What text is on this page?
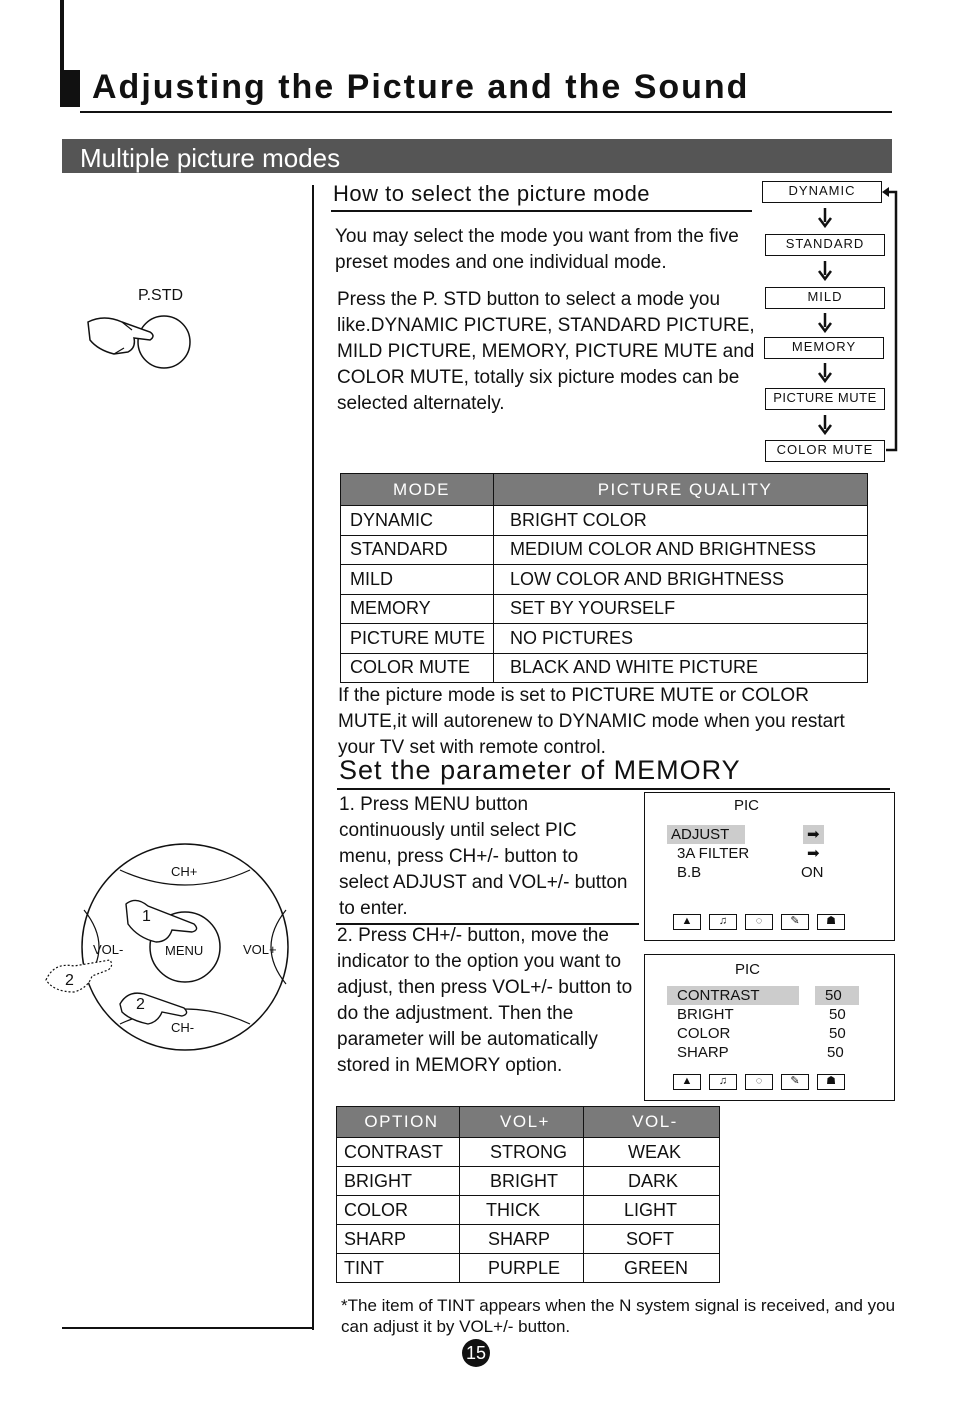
Adjusting the Picture and the Sound
Multiple picture modes
P.STD
How to select the picture mode
You may select the mode you want from the five preset modes and one individual mode.
Press the P. STD button to select a mode you like.DYNAMIC PICTURE, STANDARD PICTURE, MILD PICTURE, MEMORY, PICTURE MUTE and COLOR MUTE, totally six picture modes can be selected alternately.
DYNAMIC
STANDARD
MILD
MEMORY
PICTURE MUTE
COLOR MUTE
MODE	PICTURE QUALITY
DYNAMIC	BRIGHT COLOR
STANDARD	MEDIUM COLOR AND BRIGHTNESS
MILD	LOW COLOR AND BRIGHTNESS
MEMORY	SET BY YOURSELF
PICTURE MUTE	NO PICTURES
COLOR MUTE	BLACK AND WHITE PICTURE
If the picture mode is set to PICTURE MUTE or COLOR MUTE,it will autorenew to DYNAMIC mode when you restart your TV set with remote control.
Set the parameter of MEMORY
1. Press MENU button continuously until select PIC menu, press CH+/- button to select ADJUST and VOL+/- button to enter.
2. Press CH+/- button, move the indicator to the option you want to adjust, then press VOL+/- button to do the adjustment. Then the parameter will be automatically stored in MEMORY option.
CH+
CH-
VOL-	VOL+
MENU
1
2
2
PIC
ADJUST	➡
3A FILTER	➡
B.B	ON
▲	♫	◌	✎	☗
PIC
CONTRAST	50
BRIGHT	50
COLOR	50
SHARP	50
▲	♫	◌	✎	☗
OPTION	VOL+	VOL-
CONTRAST	STRONG	WEAK
BRIGHT	BRIGHT	DARK
COLOR	THICK	LIGHT
SHARP	SHARP	SOFT
TINT	PURPLE	GREEN
*The item of TINT appears when the N system signal is received, and you can adjust it by VOL+/- button.
15
